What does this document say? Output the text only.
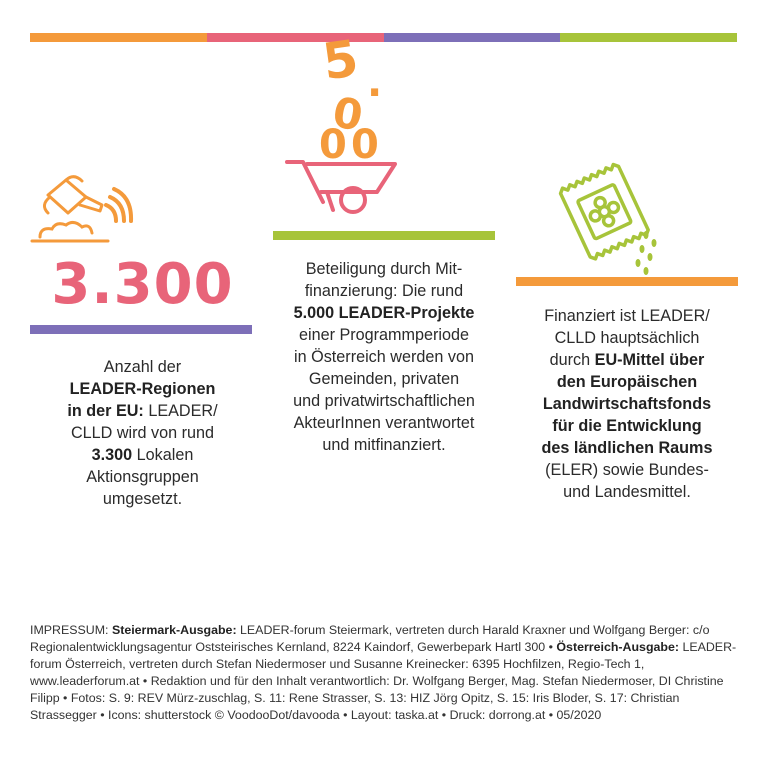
3.300
Anzahl der
LEADER-Regionen
in der EU: LEADER/
CLLD wird von rund
3.300 Lokalen
Aktionsgruppen
umgesetzt.
5 .
0
0 0
Beteiligung durch Mit-
finanzierung: Die rund
5.000 LEADER-Projekte
einer Programmperiode
in Österreich werden von
Gemeinden, privaten
und privatwirtschaftlichen
AkteurInnen verantwortet
und mitfinanziert.
Finanziert ist LEADER/
CLLD hauptsächlich
durch EU-Mittel über
den Europäischen
Landwirtschaftsfonds
für die Entwicklung
des ländlichen Raums
(ELER) sowie Bundes-
und Landesmittel.
IMPRESSUM: Steiermark-Ausgabe: LEADER-forum Steiermark, vertreten durch Harald Kraxner und Wolfgang Berger: c/o Regionalentwicklungsagentur Oststeirisches Kernland, 8224 Kaindorf, Gewerbepark Hartl 300 • Österreich-Ausgabe: LEADER-forum Österreich, vertreten durch Stefan Niedermoser und Susanne Kreinecker: 6395 Hochfilzen, Regio-Tech 1, www.leaderforum.at • Redaktion und für den Inhalt verantwortlich: Dr. Wolfgang Berger, Mag. Stefan Niedermoser, DI Christine Filipp • Fotos: S. 9: REV Mürz-zuschlag, S. 11: Rene Strasser, S. 13: HIZ Jörg Opitz, S. 15: Iris Bloder, S. 17: Christian Strassegger • Icons: shutterstock © VoodooDot/davooda • Layout: taska.at • Druck: dorrong.at • 05/2020
